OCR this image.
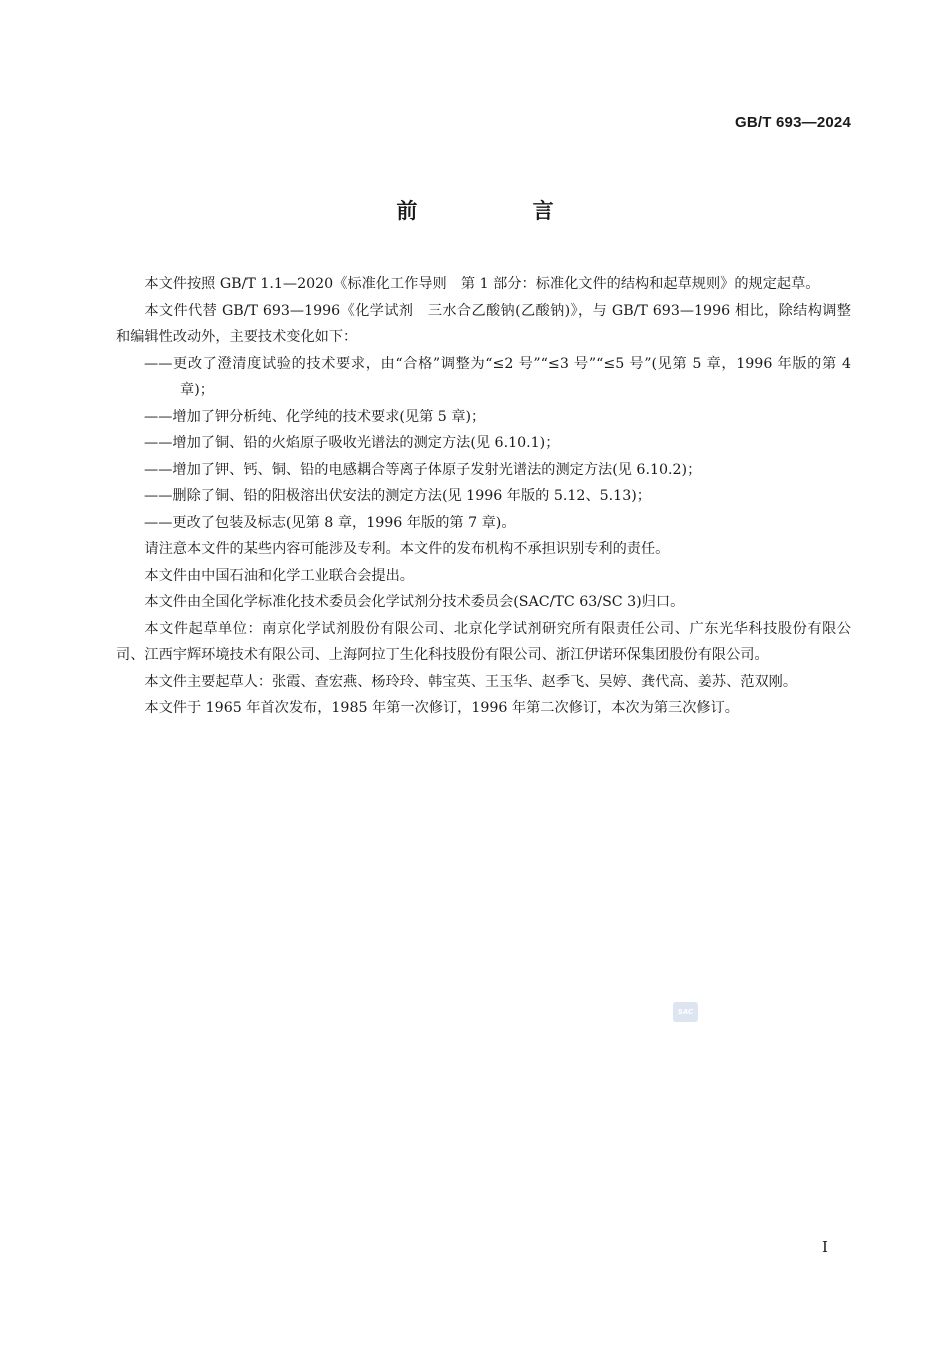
GB/T 693—2024
前 言

本文件按照 GB/T 1.1—2020《标准化工作导则　第 1 部分：标准化文件的结构和起草规则》的规定起草。

本文件代替 GB/T 693—1996《化学试剂　三水合乙酸钠(乙酸钠)》，与 GB/T 693—1996 相比，除结构调整和编辑性改动外，主要技术变化如下：

——更改了澄清度试验的技术要求，由“合格”调整为“≤2 号”“≤3 号”“≤5 号”(见第 5 章，1996 年版的第 4 章)；

——增加了钾分析纯、化学纯的技术要求(见第 5 章)；

——增加了铜、铅的火焰原子吸收光谱法的测定方法(见 6.10.1)；

——增加了钾、钙、铜、铅的电感耦合等离子体原子发射光谱法的测定方法(见 6.10.2)；

——删除了铜、铅的阳极溶出伏安法的测定方法(见 1996 年版的 5.12、5.13)；

——更改了包装及标志(见第 8 章，1996 年版的第 7 章)。

请注意本文件的某些内容可能涉及专利。本文件的发布机构不承担识别专利的责任。

本文件由中国石油和化学工业联合会提出。

本文件由全国化学标准化技术委员会化学试剂分技术委员会(SAC/TC 63/SC 3)归口。

本文件起草单位：南京化学试剂股份有限公司、北京化学试剂研究所有限责任公司、广东光华科技股份有限公司、江西宇辉环境技术有限公司、上海阿拉丁生化科技股份有限公司、浙江伊诺环保集团股份有限公司。

本文件主要起草人：张霞、查宏燕、杨玲玲、韩宝英、王玉华、赵季飞、吴婷、龚代高、姜苏、范双刚。

本文件于 1965 年首次发布，1985 年第一次修订，1996 年第二次修订，本次为第三次修订。

SAC
I
